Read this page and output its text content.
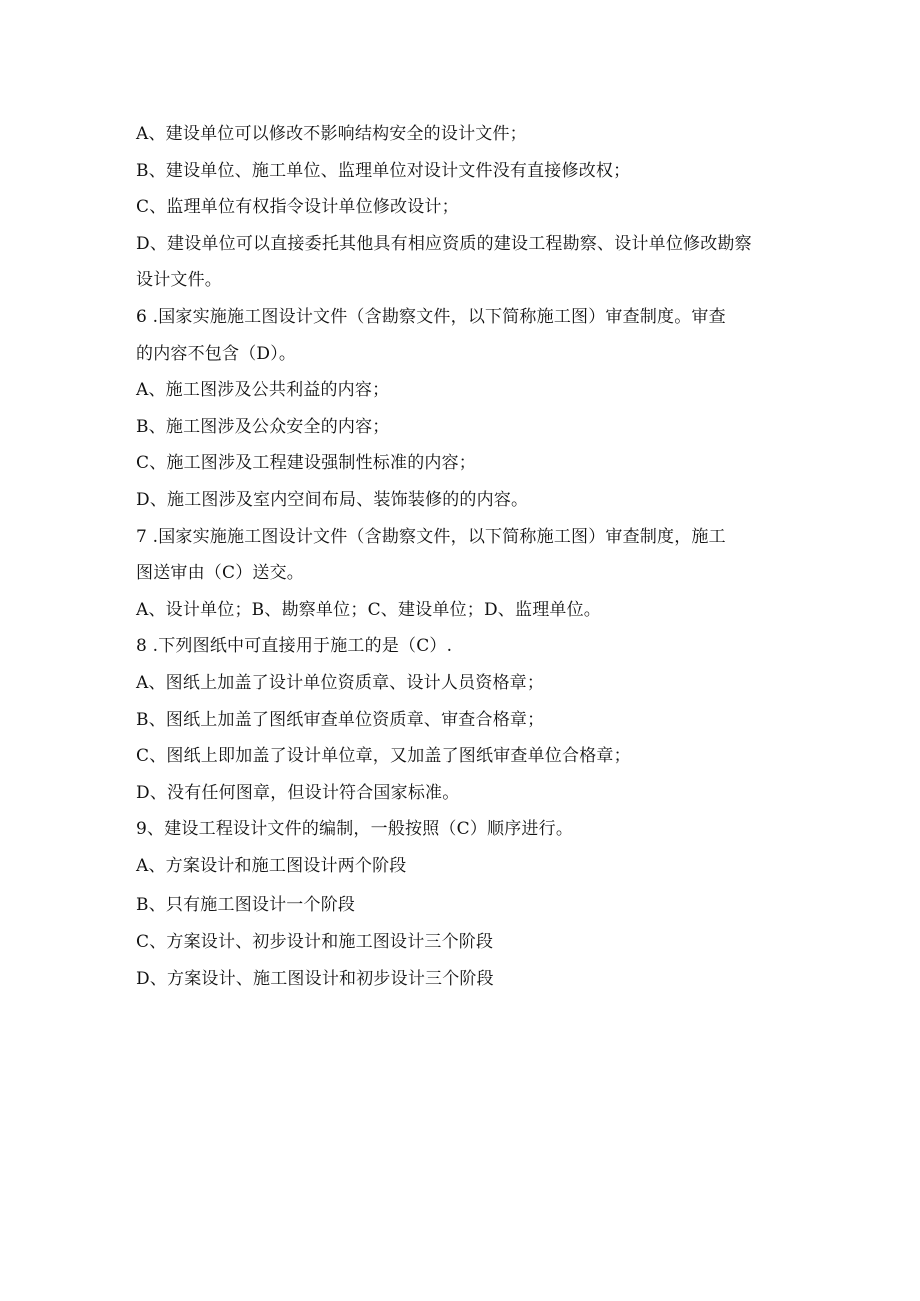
A、建设单位可以修改不影响结构安全的设计文件；
B、建设单位、施工单位、监理单位对设计文件没有直接修改权；
C、监理单位有权指令设计单位修改设计；
D、建设单位可以直接委托其他具有相应资质的建设工程勘察、设计单位修改勘察
设计文件。
6 .国家实施施工图设计文件（含勘察文件，以下简称施工图）审查制度。审查
的内容不包含（D）。
A、施工图涉及公共利益的内容；
B、施工图涉及公众安全的内容；
C、施工图涉及工程建设强制性标准的内容；
D、施工图涉及室内空间布局、装饰装修的的内容。
7 .国家实施施工图设计文件（含勘察文件，以下简称施工图）审查制度，施工
图送审由（C）送交。
A、设计单位；B、勘察单位；C、建设单位；D、监理单位。
8 .下列图纸中可直接用于施工的是（C）.
A、图纸上加盖了设计单位资质章、设计人员资格章；
B、图纸上加盖了图纸审查单位资质章、审查合格章；
C、图纸上即加盖了设计单位章，又加盖了图纸审查单位合格章；
D、没有任何图章，但设计符合国家标准。
9、建设工程设计文件的编制，一般按照（C）顺序进行。
A、方案设计和施工图设计两个阶段
B、只有施工图设计一个阶段
C、方案设计、初步设计和施工图设计三个阶段
D、方案设计、施工图设计和初步设计三个阶段
